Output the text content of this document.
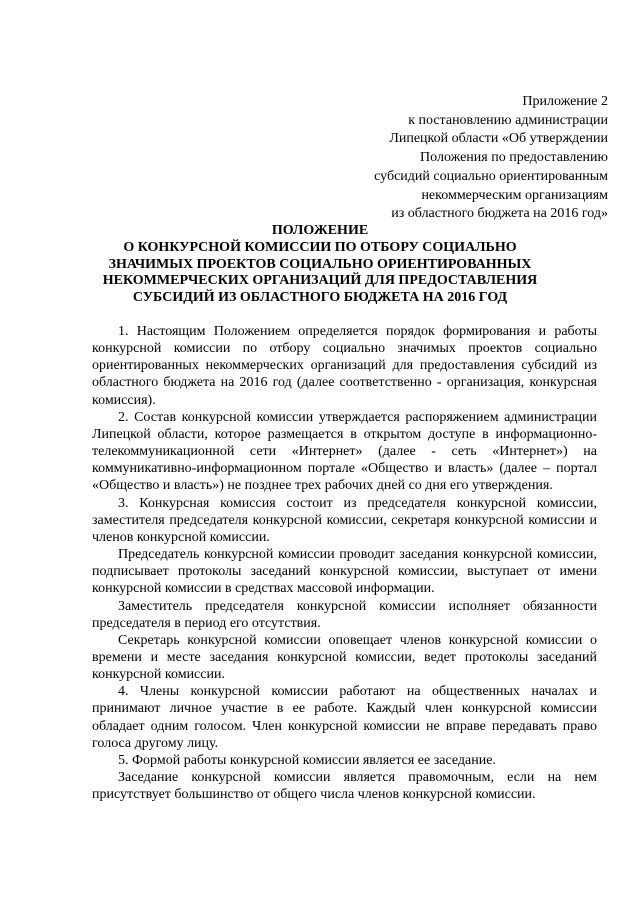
Приложение 2
к постановлению администрации
Липецкой области «Об утверждении
Положения по предоставлению
субсидий социально ориентированным
некоммерческим организациям
из областного бюджета на 2016 год»
ПОЛОЖЕНИЕ
О КОНКУРСНОЙ КОМИССИИ ПО ОТБОРУ СОЦИАЛЬНО
ЗНАЧИМЫХ ПРОЕКТОВ СОЦИАЛЬНО ОРИЕНТИРОВАННЫХ
НЕКОММЕРЧЕСКИХ ОРГАНИЗАЦИЙ ДЛЯ ПРЕДОСТАВЛЕНИЯ
СУБСИДИЙ ИЗ ОБЛАСТНОГО БЮДЖЕТА НА 2016 ГОД

1. Настоящим Положением определяется порядок формирования и работы конкурсной комиссии по отбору социально значимых проектов социально ориентированных некоммерческих организаций для предоставления субсидий из областного бюджета на 2016 год (далее соответственно - организация, конкурсная комиссия).

2. Состав конкурсной комиссии утверждается распоряжением администрации Липецкой области, которое размещается в открытом доступе в информационно-телекоммуникационной сети «Интернет» (далее - сеть «Интернет») на коммуникативно-информационном портале «Общество и власть» (далее – портал «Общество и власть») не позднее трех рабочих дней со дня его утверждения.

3. Конкурсная комиссия состоит из председателя конкурсной комиссии, заместителя председателя конкурсной комиссии, секретаря конкурсной комиссии и членов конкурсной комиссии.

Председатель конкурсной комиссии проводит заседания конкурсной комиссии, подписывает протоколы заседаний конкурсной комиссии, выступает от имени конкурсной комиссии в средствах массовой информации.

Заместитель председателя конкурсной комиссии исполняет обязанности председателя в период его отсутствия.

Секретарь конкурсной комиссии оповещает членов конкурсной комиссии о времени и месте заседания конкурсной комиссии, ведет протоколы заседаний конкурсной комиссии.

4. Члены конкурсной комиссии работают на общественных началах и принимают личное участие в ее работе. Каждый член конкурсной комиссии обладает одним голосом. Член конкурсной комиссии не вправе передавать право голоса другому лицу.

5. Формой работы конкурсной комиссии является ее заседание.

Заседание конкурсной комиссии является правомочным, если на нем присутствует большинство от общего числа членов конкурсной комиссии.
